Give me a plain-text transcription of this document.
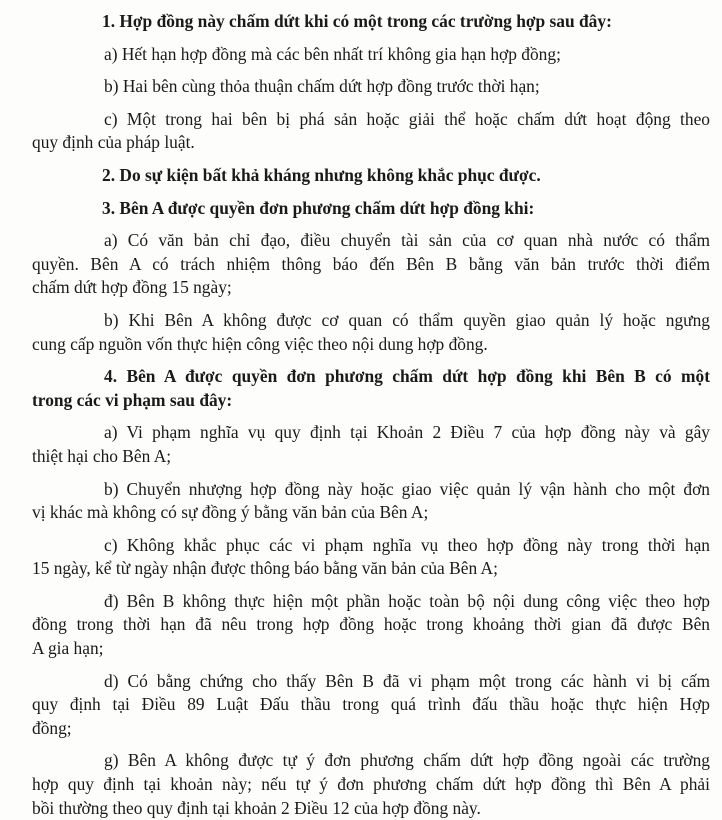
1. Hợp đồng này chấm dứt khi có một trong các trường hợp sau đây:
a) Hết hạn hợp đồng mà các bên nhất trí không gia hạn hợp đồng;
b) Hai bên cùng thỏa thuận chấm dứt hợp đồng trước thời hạn;
c) Một trong hai bên bị phá sản hoặc giải thể hoặc chấm dứt hoạt động theo
quy định của pháp luật.
2. Do sự kiện bất khả kháng nhưng không khắc phục được.
3. Bên A được quyền đơn phương chấm dứt hợp đồng khi:
a) Có văn bản chỉ đạo, điều chuyển tài sản của cơ quan nhà nước có thẩm
quyền. Bên A có trách nhiệm thông báo đến Bên B bằng văn bản trước thời điểm
chấm dứt hợp đồng 15 ngày;
b) Khi Bên A không được cơ quan có thẩm quyền giao quản lý hoặc ngưng
cung cấp nguồn vốn thực hiện công việc theo nội dung hợp đồng.
4. Bên A được quyền đơn phương chấm dứt hợp đồng khi Bên B có một
trong các vi phạm sau đây:
a) Vi phạm nghĩa vụ quy định tại Khoản 2 Điều 7 của hợp đồng này và gây
thiệt hại cho Bên A;
b) Chuyển nhượng hợp đồng này hoặc giao việc quản lý vận hành cho một đơn
vị khác mà không có sự đồng ý bằng văn bản của Bên A;
c) Không khắc phục các vi phạm nghĩa vụ theo hợp đồng này trong thời hạn
15 ngày, kể từ ngày nhận được thông báo bằng văn bản của Bên A;
đ) Bên B không thực hiện một phần hoặc toàn bộ nội dung công việc theo hợp
đồng trong thời hạn đã nêu trong hợp đồng hoặc trong khoảng thời gian đã được Bên
A gia hạn;
d) Có bằng chứng cho thấy Bên B đã vi phạm một trong các hành vi bị cấm
quy định tại Điều 89 Luật Đấu thầu trong quá trình đấu thầu hoặc thực hiện Hợp
đồng;
g) Bên A không được tự ý đơn phương chấm dứt hợp đồng ngoài các trường
hợp quy định tại khoản này; nếu tự ý đơn phương chấm dứt hợp đồng thì Bên A phải
bồi thường theo quy định tại khoản 2 Điều 12 của hợp đồng này.
